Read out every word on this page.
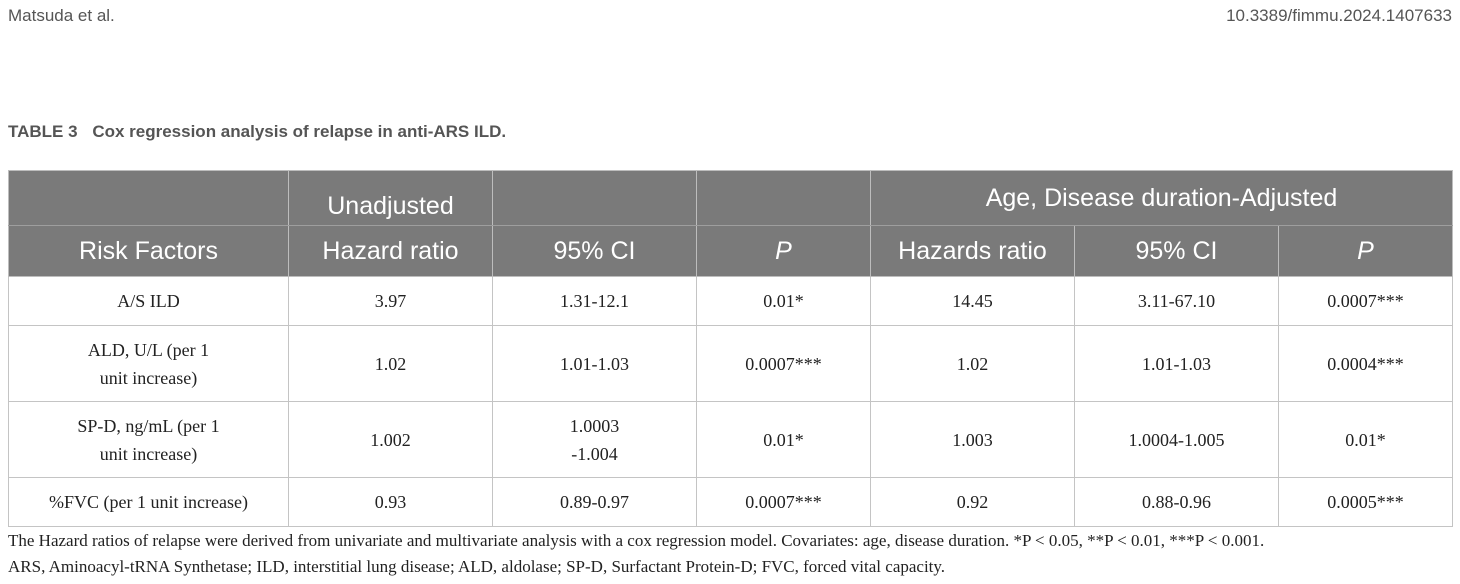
Matsuda et al.	10.3389/fimmu.2024.1407633
TABLE 3 Cox regression analysis of relapse in anti-ARS ILD.
	Unadjusted			Age, Disease duration-Adjusted		
Risk Factors	Hazard ratio	95% CI	P	Hazards ratio	95% CI	P
A/S ILD	3.97	1.31-12.1	0.01*	14.45	3.11-67.10	0.0007***
ALD, U/L (per 1
unit increase)	1.02	1.01-1.03	0.0007***	1.02	1.01-1.03	0.0004***
SP-D, ng/mL (per 1
unit increase)	1.002	1.0003
-1.004	0.01*	1.003	1.0004-1.005	0.01*
%FVC (per 1 unit increase)	0.93	0.89-0.97	0.0007***	0.92	0.88-0.96	0.0005***
The Hazard ratios of relapse were derived from univariate and multivariate analysis with a cox regression model. Covariates: age, disease duration. *P < 0.05, **P < 0.01, ***P < 0.001.
ARS, Aminoacyl-tRNA Synthetase; ILD, interstitial lung disease; ALD, aldolase; SP-D, Surfactant Protein-D; FVC, forced vital capacity.
